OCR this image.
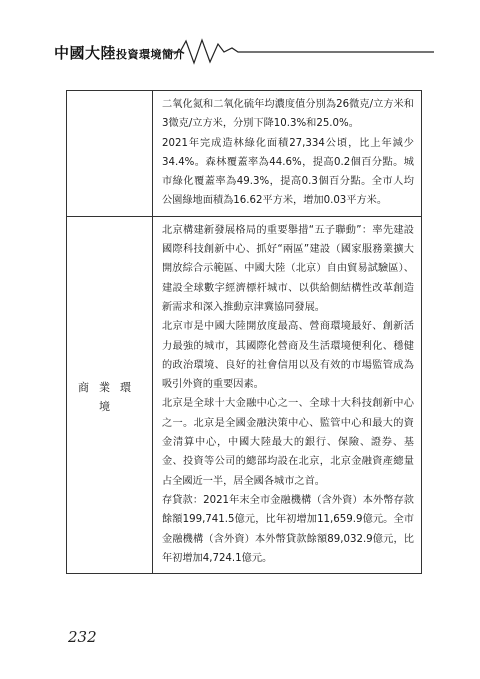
中國大陸投資環境簡介

	二氧化氮和二氧化硫年均濃度值分別為26微克/立方米和3微克/立方米，分別下降10.3%和25.0%。

2021年完成造林綠化面積27,334公頃，比上年減少34.4%。森林覆蓋率為44.6%，提高0.2個百分點。城市綠化覆蓋率為49.3%，提高0.3個百分點。全市人均公園綠地面積為16.62平方米，增加0.03平方米。

商業環境	北京構建新發展格局的重要舉措“五子聯動”：率先建設國際科技創新中心、抓好“兩區”建設（國家服務業擴大開放綜合示範區、中國大陸（北京）自由貿易試驗區）、建設全球數字經濟標杆城市、以供給側結構性改革創造新需求和深入推動京津冀協同發展。

北京市是中國大陸開放度最高、營商環境最好、創新活力最強的城市，其國際化營商及生活環境便利化、穩健的政治環境、良好的社會信用以及有效的市場監管成為吸引外資的重要因素。

北京是全球十大金融中心之一、全球十大科技創新中心之一。北京是全國金融決策中心、監管中心和最大的資金清算中心，中國大陸最大的銀行、保險、證券、基金、投資等公司的總部均設在北京，北京金融資產總量占全國近一半，居全國各城市之首。

存貸款：2021年末全市金融機構（含外資）本外幣存款餘額199,741.5億元，比年初增加11,659.9億元。全市金融機構（含外資）本外幣貸款餘額89,032.9億元，比年初增加4,724.1億元。

232
